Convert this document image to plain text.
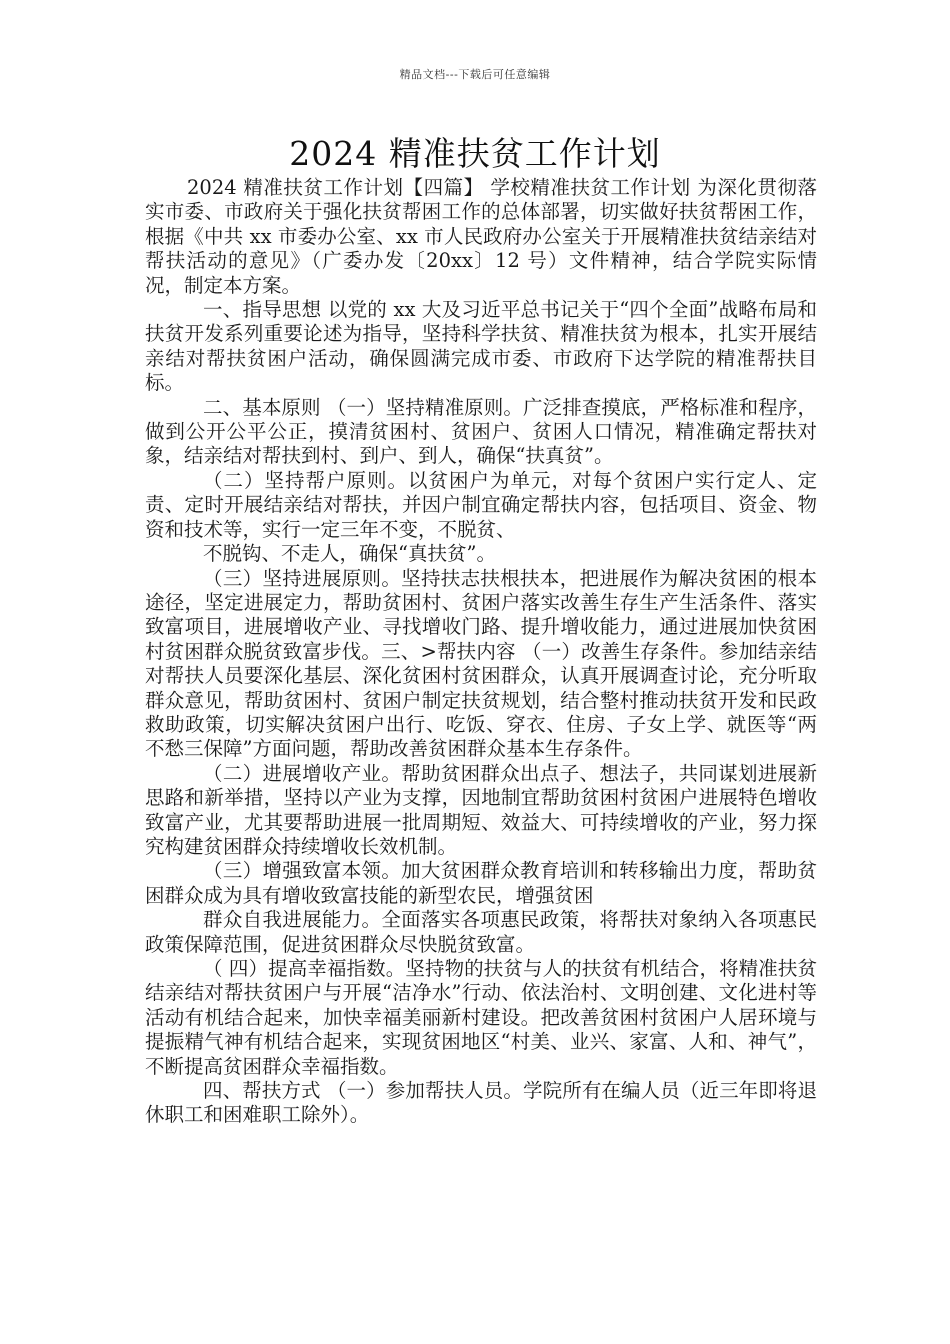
精品文档---下载后可任意编辑
2024 精准扶贫工作计划

2024 精准扶贫工作计划【四篇】 学校精准扶贫工作计划 为深化贯彻落实市委、市政府关于强化扶贫帮困工作的总体部署，切实做好扶贫帮困工作，根据《中共 xx 市委办公室、xx 市人民政府办公室关于开展精准扶贫结亲结对帮扶活动的意见》（广委办发〔20xx〕12 号）文件精神，结合学院实际情况，制定本方案。

一、指导思想 以党的 xx 大及习近平总书记关于“四个全面”战略布局和扶贫开发系列重要论述为指导，坚持科学扶贫、精准扶贫为根本，扎实开展结亲结对帮扶贫困户活动，确保圆满完成市委、市政府下达学院的精准帮扶目标。

二、基本原则 （一）坚持精准原则。广泛排查摸底，严格标准和程序，做到公开公平公正，摸清贫困村、贫困户、贫困人口情况，精准确定帮扶对象，结亲结对帮扶到村、到户、到人，确保“扶真贫”。

（二）坚持帮户原则。以贫困户为单元，对每个贫困户实行定人、定责、定时开展结亲结对帮扶，并因户制宜确定帮扶内容，包括项目、资金、物资和技术等，实行一定三年不变，不脱贫、

不脱钩、不走人，确保“真扶贫”。

（三）坚持进展原则。坚持扶志扶根扶本，把进展作为解决贫困的根本途径，坚定进展定力，帮助贫困村、贫困户落实改善生存生产生活条件、落实致富项目，进展增收产业、寻找增收门路、提升增收能力，通过进展加快贫困村贫困群众脱贫致富步伐。三、>帮扶内容 （一）改善生存条件。参加结亲结对帮扶人员要深化基层、深化贫困村贫困群众，认真开展调查讨论，充分听取群众意见，帮助贫困村、贫困户制定扶贫规划，结合整村推动扶贫开发和民政救助政策，切实解决贫困户出行、吃饭、穿衣、住房、子女上学、就医等“两不愁三保障”方面问题，帮助改善贫困群众基本生存条件。

（二）进展增收产业。帮助贫困群众出点子、想法子，共同谋划进展新思路和新举措，坚持以产业为支撑，因地制宜帮助贫困村贫困户进展特色增收致富产业，尤其要帮助进展一批周期短、效益大、可持续增收的产业，努力探究构建贫困群众持续增收长效机制。

（三）增强致富本领。加大贫困群众教育培训和转移输出力度，帮助贫困群众成为具有增收致富技能的新型农民，增强贫困

群众自我进展能力。全面落实各项惠民政策，将帮扶对象纳入各项惠民政策保障范围，促进贫困群众尽快脱贫致富。

（ 四）提高幸福指数。坚持物的扶贫与人的扶贫有机结合，将精准扶贫结亲结对帮扶贫困户与开展“洁净水”行动、依法治村、文明创建、文化进村等活动有机结合起来，加快幸福美丽新村建设。把改善贫困村贫困户人居环境与提振精气神有机结合起来，实现贫困地区“村美、业兴、家富、人和、神气”，不断提高贫困群众幸福指数。

四、帮扶方式 （一）参加帮扶人员。学院所有在编人员（近三年即将退休职工和困难职工除外）。
